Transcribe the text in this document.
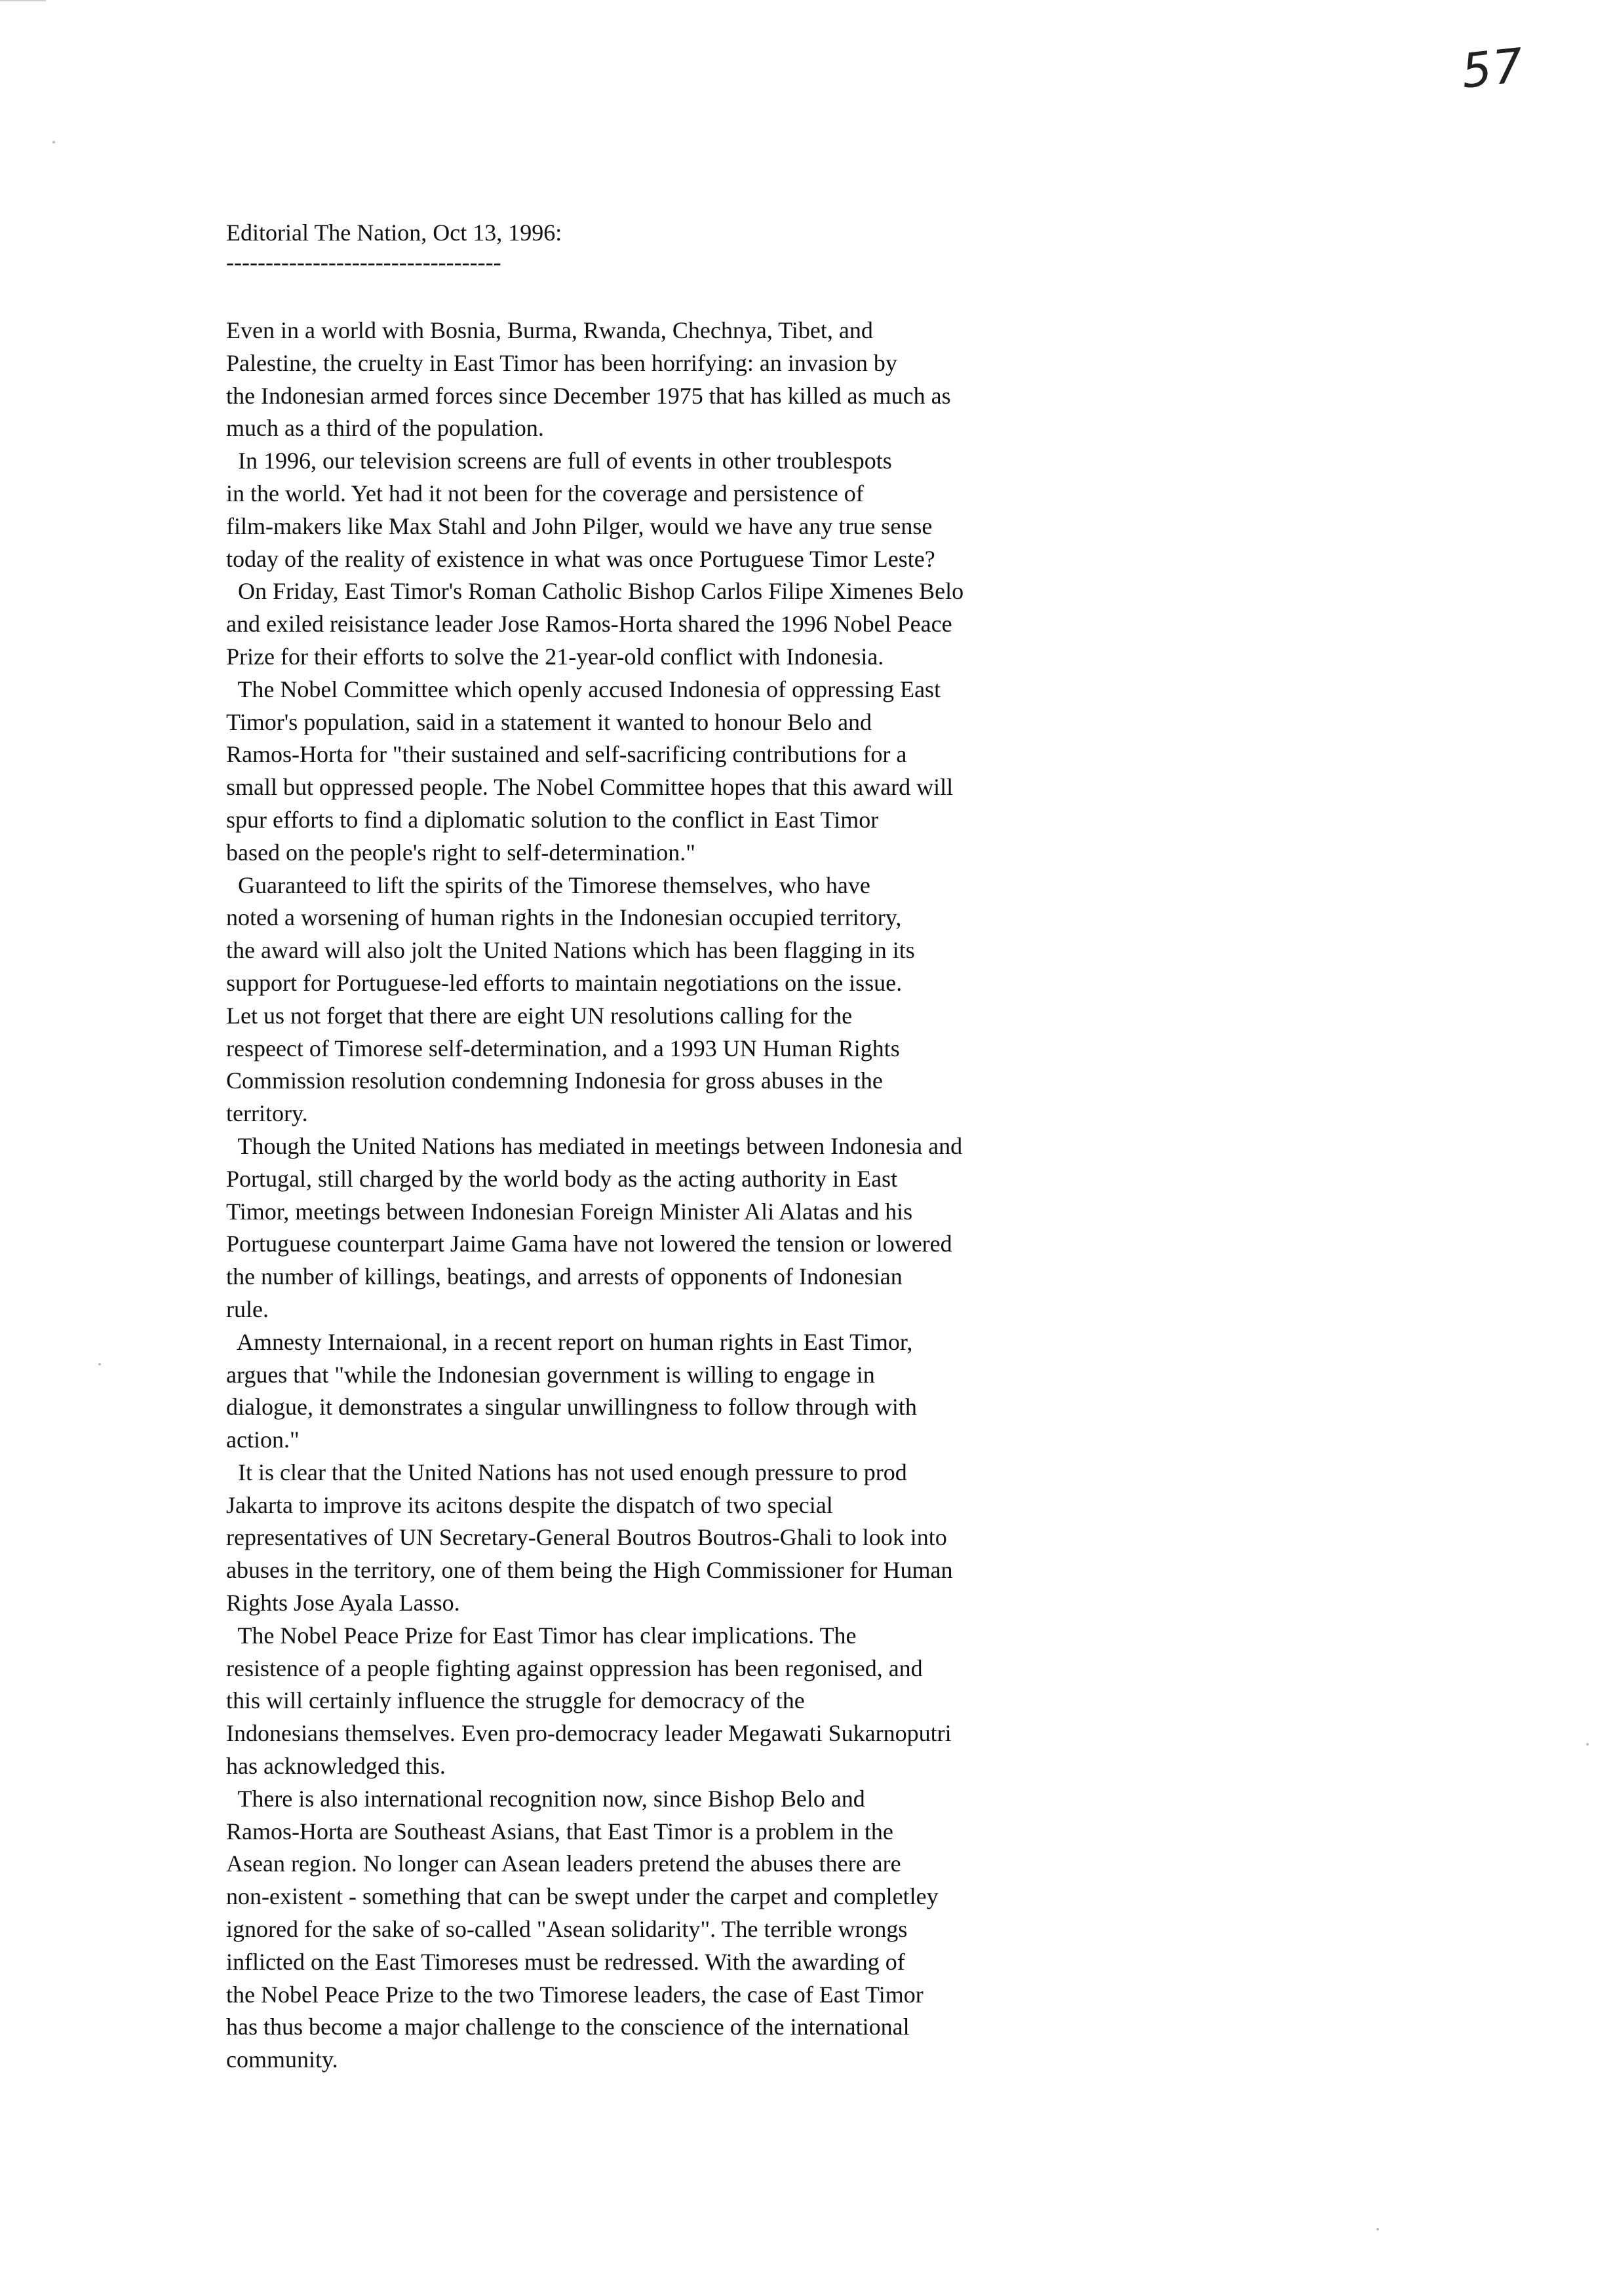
57

Editorial The Nation, Oct 13, 1996:

-----------------------------------

Even in a world with Bosnia, Burma, Rwanda, Chechnya, Tibet, and
Palestine, the cruelty in East Timor has been horrifying: an invasion by
the Indonesian armed forces since December 1975 that has killed as much as
much as a third of the population.
In 1996, our television screens are full of events in other troublespots
in the world. Yet had it not been for the coverage and persistence of
film-makers like Max Stahl and John Pilger, would we have any true sense
today of the reality of existence in what was once Portuguese Timor Leste?
On Friday, East Timor's Roman Catholic Bishop Carlos Filipe Ximenes Belo
and exiled reisistance leader Jose Ramos-Horta shared the 1996 Nobel Peace
Prize for their efforts to solve the 21-year-old conflict with Indonesia.
The Nobel Committee which openly accused Indonesia of oppressing East
Timor's population, said in a statement it wanted to honour Belo and
Ramos-Horta for "their sustained and self-sacrificing contributions for a
small but oppressed people. The Nobel Committee hopes that this award will
spur efforts to find a diplomatic solution to the conflict in East Timor
based on the people's right to self-determination."
Guaranteed to lift the spirits of the Timorese themselves, who have
noted a worsening of human rights in the Indonesian occupied territory,
the award will also jolt the United Nations which has been flagging in its
support for Portuguese-led efforts to maintain negotiations on the issue.
Let us not forget that there are eight UN resolutions calling for the
respeect of Timorese self-determination, and a 1993 UN Human Rights
Commission resolution condemning Indonesia for gross abuses in the
territory.
Though the United Nations has mediated in meetings between Indonesia and
Portugal, still charged by the world body as the acting authority in East
Timor, meetings between Indonesian Foreign Minister Ali Alatas and his
Portuguese counterpart Jaime Gama have not lowered the tension or lowered
the number of killings, beatings, and arrests of opponents of Indonesian
rule.
Amnesty Internaional, in a recent report on human rights in East Timor,
argues that "while the Indonesian government is willing to engage in
dialogue, it demonstrates a singular unwillingness to follow through with
action."
It is clear that the United Nations has not used enough pressure to prod
Jakarta to improve its acitons despite the dispatch of two special
representatives of UN Secretary-General Boutros Boutros-Ghali to look into
abuses in the territory, one of them being the High Commissioner for Human
Rights Jose Ayala Lasso.
The Nobel Peace Prize for East Timor has clear implications. The
resistence of a people fighting against oppression has been regonised, and
this will certainly influence the struggle for democracy of the
Indonesians themselves. Even pro-democracy leader Megawati Sukarnoputri
has acknowledged this.
There is also international recognition now, since Bishop Belo and
Ramos-Horta are Southeast Asians, that East Timor is a problem in the
Asean region. No longer can Asean leaders pretend the abuses there are
non-existent - something that can be swept under the carpet and completley
ignored for the sake of so-called "Asean solidarity". The terrible wrongs
inflicted on the East Timoreses must be redressed. With the awarding of
the Nobel Peace Prize to the two Timorese leaders, the case of East Timor
has thus become a major challenge to the conscience of the international
community.
